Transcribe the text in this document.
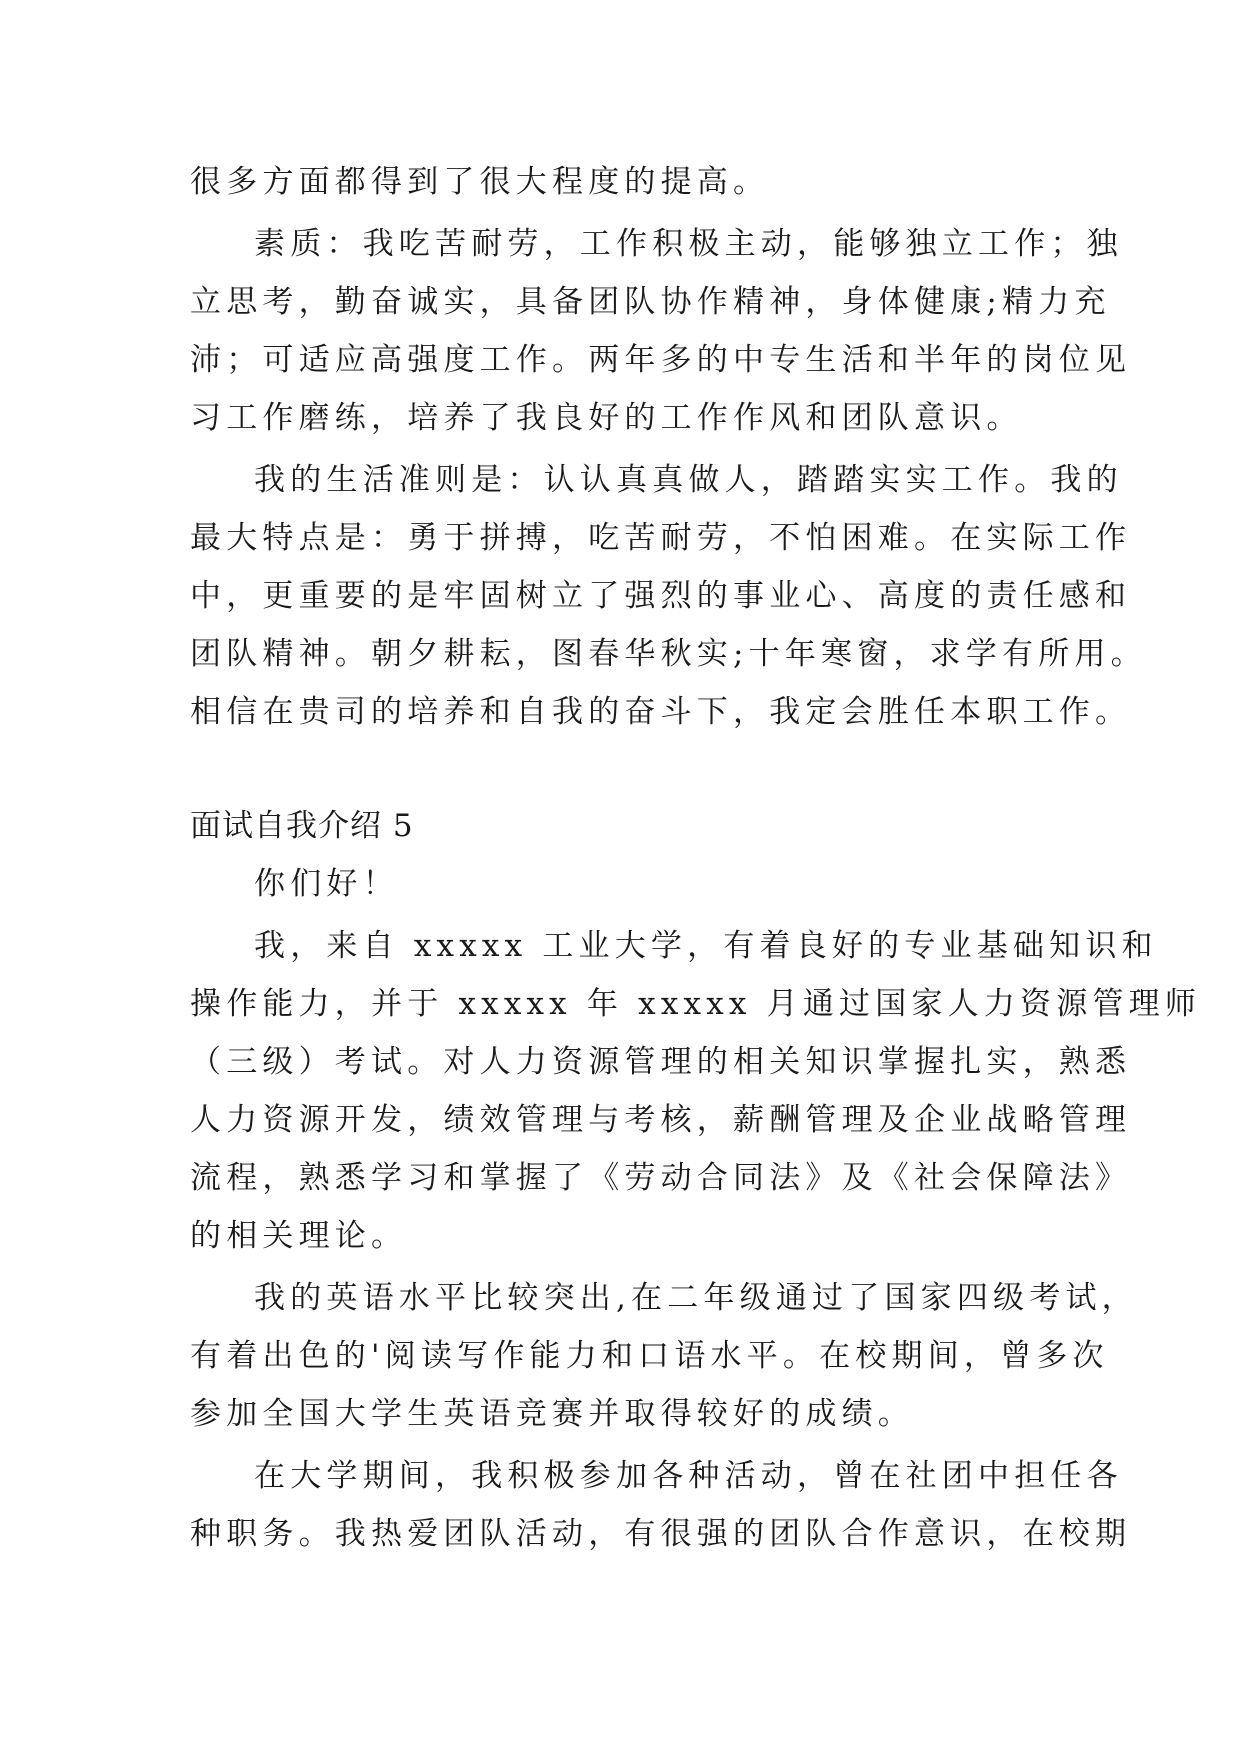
很多方面都得到了很大程度的提高。
素质：我吃苦耐劳，工作积极主动，能够独立工作；独
立思考，勤奋诚实，具备团队协作精神，身体健康;精力充
沛；可适应高强度工作。两年多的中专生活和半年的岗位见
习工作磨练，培养了我良好的工作作风和团队意识。
我的生活准则是：认认真真做人，踏踏实实工作。我的
最大特点是：勇于拼搏，吃苦耐劳，不怕困难。在实际工作
中，更重要的是牢固树立了强烈的事业心、高度的责任感和
团队精神。朝夕耕耘，图春华秋实;十年寒窗，求学有所用。
相信在贵司的培养和自我的奋斗下，我定会胜任本职工作。
面试自我介绍 5
你们好！
我，来自 xxxxx 工业大学，有着良好的专业基础知识和
操作能力，并于 xxxxx 年 xxxxx 月通过国家人力资源管理师
（三级）考试。对人力资源管理的相关知识掌握扎实，熟悉
人力资源开发，绩效管理与考核，薪酬管理及企业战略管理
流程，熟悉学习和掌握了《劳动合同法》及《社会保障法》
的相关理论。
我的英语水平比较突出,在二年级通过了国家四级考试，
有着出色的'阅读写作能力和口语水平。在校期间，曾多次
参加全国大学生英语竞赛并取得较好的成绩。
在大学期间，我积极参加各种活动，曾在社团中担任各
种职务。我热爱团队活动，有很强的团队合作意识，在校期
